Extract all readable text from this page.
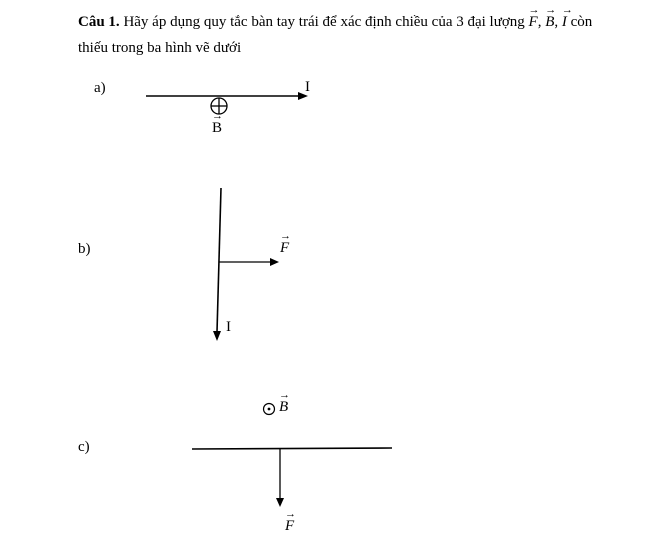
Câu 1. Hãy áp dụng quy tắc bàn tay trái để xác định chiều của 3 đại lượng F
→
, B
→
, I
→
còn
thiếu trong ba hình vẽ dưới
a)
b)
c)
I
B
→
F
→
I
B
→
F
→
